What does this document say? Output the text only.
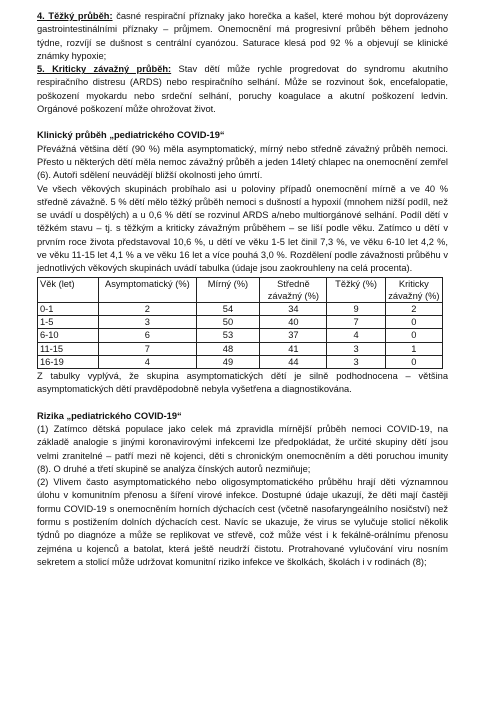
4. Těžký průběh: časné respirační příznaky jako horečka a kašel, které mohou být doprovázeny gastrointestinálními příznaky – průjmem. Onemocnění má progresivní průběh během jednoho týdne, rozvíjí se dušnost s centrální cyanózou. Saturace klesá pod 92 % a objevují se klinické známky hypoxie;

5. Kriticky závažný průběh: Stav dětí může rychle progredovat do syndromu akutního respiračního distresu (ARDS) nebo respiračního selhání. Může se rozvinout šok, encefalopatie, poškození myokardu nebo srdeční selhání, poruchy koagulace a akutní poškození ledvin. Orgánové poškození může ohrožovat život.

Klinický průběh „pediatrického COVID-19“

Převážná většina dětí (90 %) měla asymptomatický, mírný nebo středně závažný průběh nemoci. Přesto u některých dětí měla nemoc závažný průběh a jeden 14letý chlapec na onemocnění zemřel (6). Autoři sdělení neuvádějí bližší okolnosti jeho úmrtí.

Ve všech věkových skupinách probíhalo asi u poloviny případů onemocnění mírně a ve 40 % středně závažně. 5 % dětí mělo těžký průběh nemoci s dušností a hypoxií (mnohem nižší podíl, než se uvádí u dospělých) a u 0,6 % dětí se rozvinul ARDS a/nebo multiorgánové selhání. Podíl dětí v těžkém stavu – tj. s těžkým a kriticky závažným průběhem – se liší podle věku. Zatímco u dětí v prvním roce života představoval 10,6 %, u dětí ve věku 1-5 let činil 7,3 %, ve věku 6-10 let 4,2 %, ve věku 11-15 let 4,1 % a ve věku 16 let a více pouhá 3,0 %. Rozdělení podle závažnosti průběhu v jednotlivých věkových skupinách uvádí tabulka (údaje jsou zaokrouhleny na celá procenta).

Věk (let)	Asymptomatický (%)	Mírný (%)	Středně závažný (%)	Těžký (%)	Kriticky závažný (%)
0-1	2	54	34	9	2
1-5	3	50	40	7	0
6-10	6	53	37	4	0
11-15	7	48	41	3	1
16-19	4	49	44	3	0

Z tabulky vyplývá, že skupina asymptomatických dětí je silně podhodnocena – většina asymptomatických dětí pravděpodobně nebyla vyšetřena a diagnostikována.

Rizika „pediatrického COVID-19“

(1) Zatímco dětská populace jako celek má zpravidla mírnější průběh nemoci COVID-19, na základě analogie s jinými koronavirovými infekcemi lze předpokládat, že určité skupiny dětí jsou velmi zranitelné – patří mezi ně kojenci, děti s chronickým onemocněním a děti poruchou imunity (8). O druhé a třetí skupině se analýza čínských autorů nezmiňuje;

(2) Vlivem často asymptomatického nebo oligosymptomatického průběhu hrají děti významnou úlohu v komunitním přenosu a šíření virové infekce. Dostupné údaje ukazují, že děti mají častěji formu COVID-19 s onemocněním horních dýchacích cest (včetně nasofaryngeálního nosičství) než formu s postižením dolních dýchacích cest. Navíc se ukazuje, že virus se vylučuje stolicí několik týdnů po diagnóze a může se replikovat ve střevě, což může vést i k fekálně-orálnímu přenosu zejména u kojenců a batolat, která ještě neudrží čistotu. Protrahované vylučování viru nosním sekretem a stolicí může udržovat komunitní riziko infekce ve školkách, školách i v rodinách (8);
